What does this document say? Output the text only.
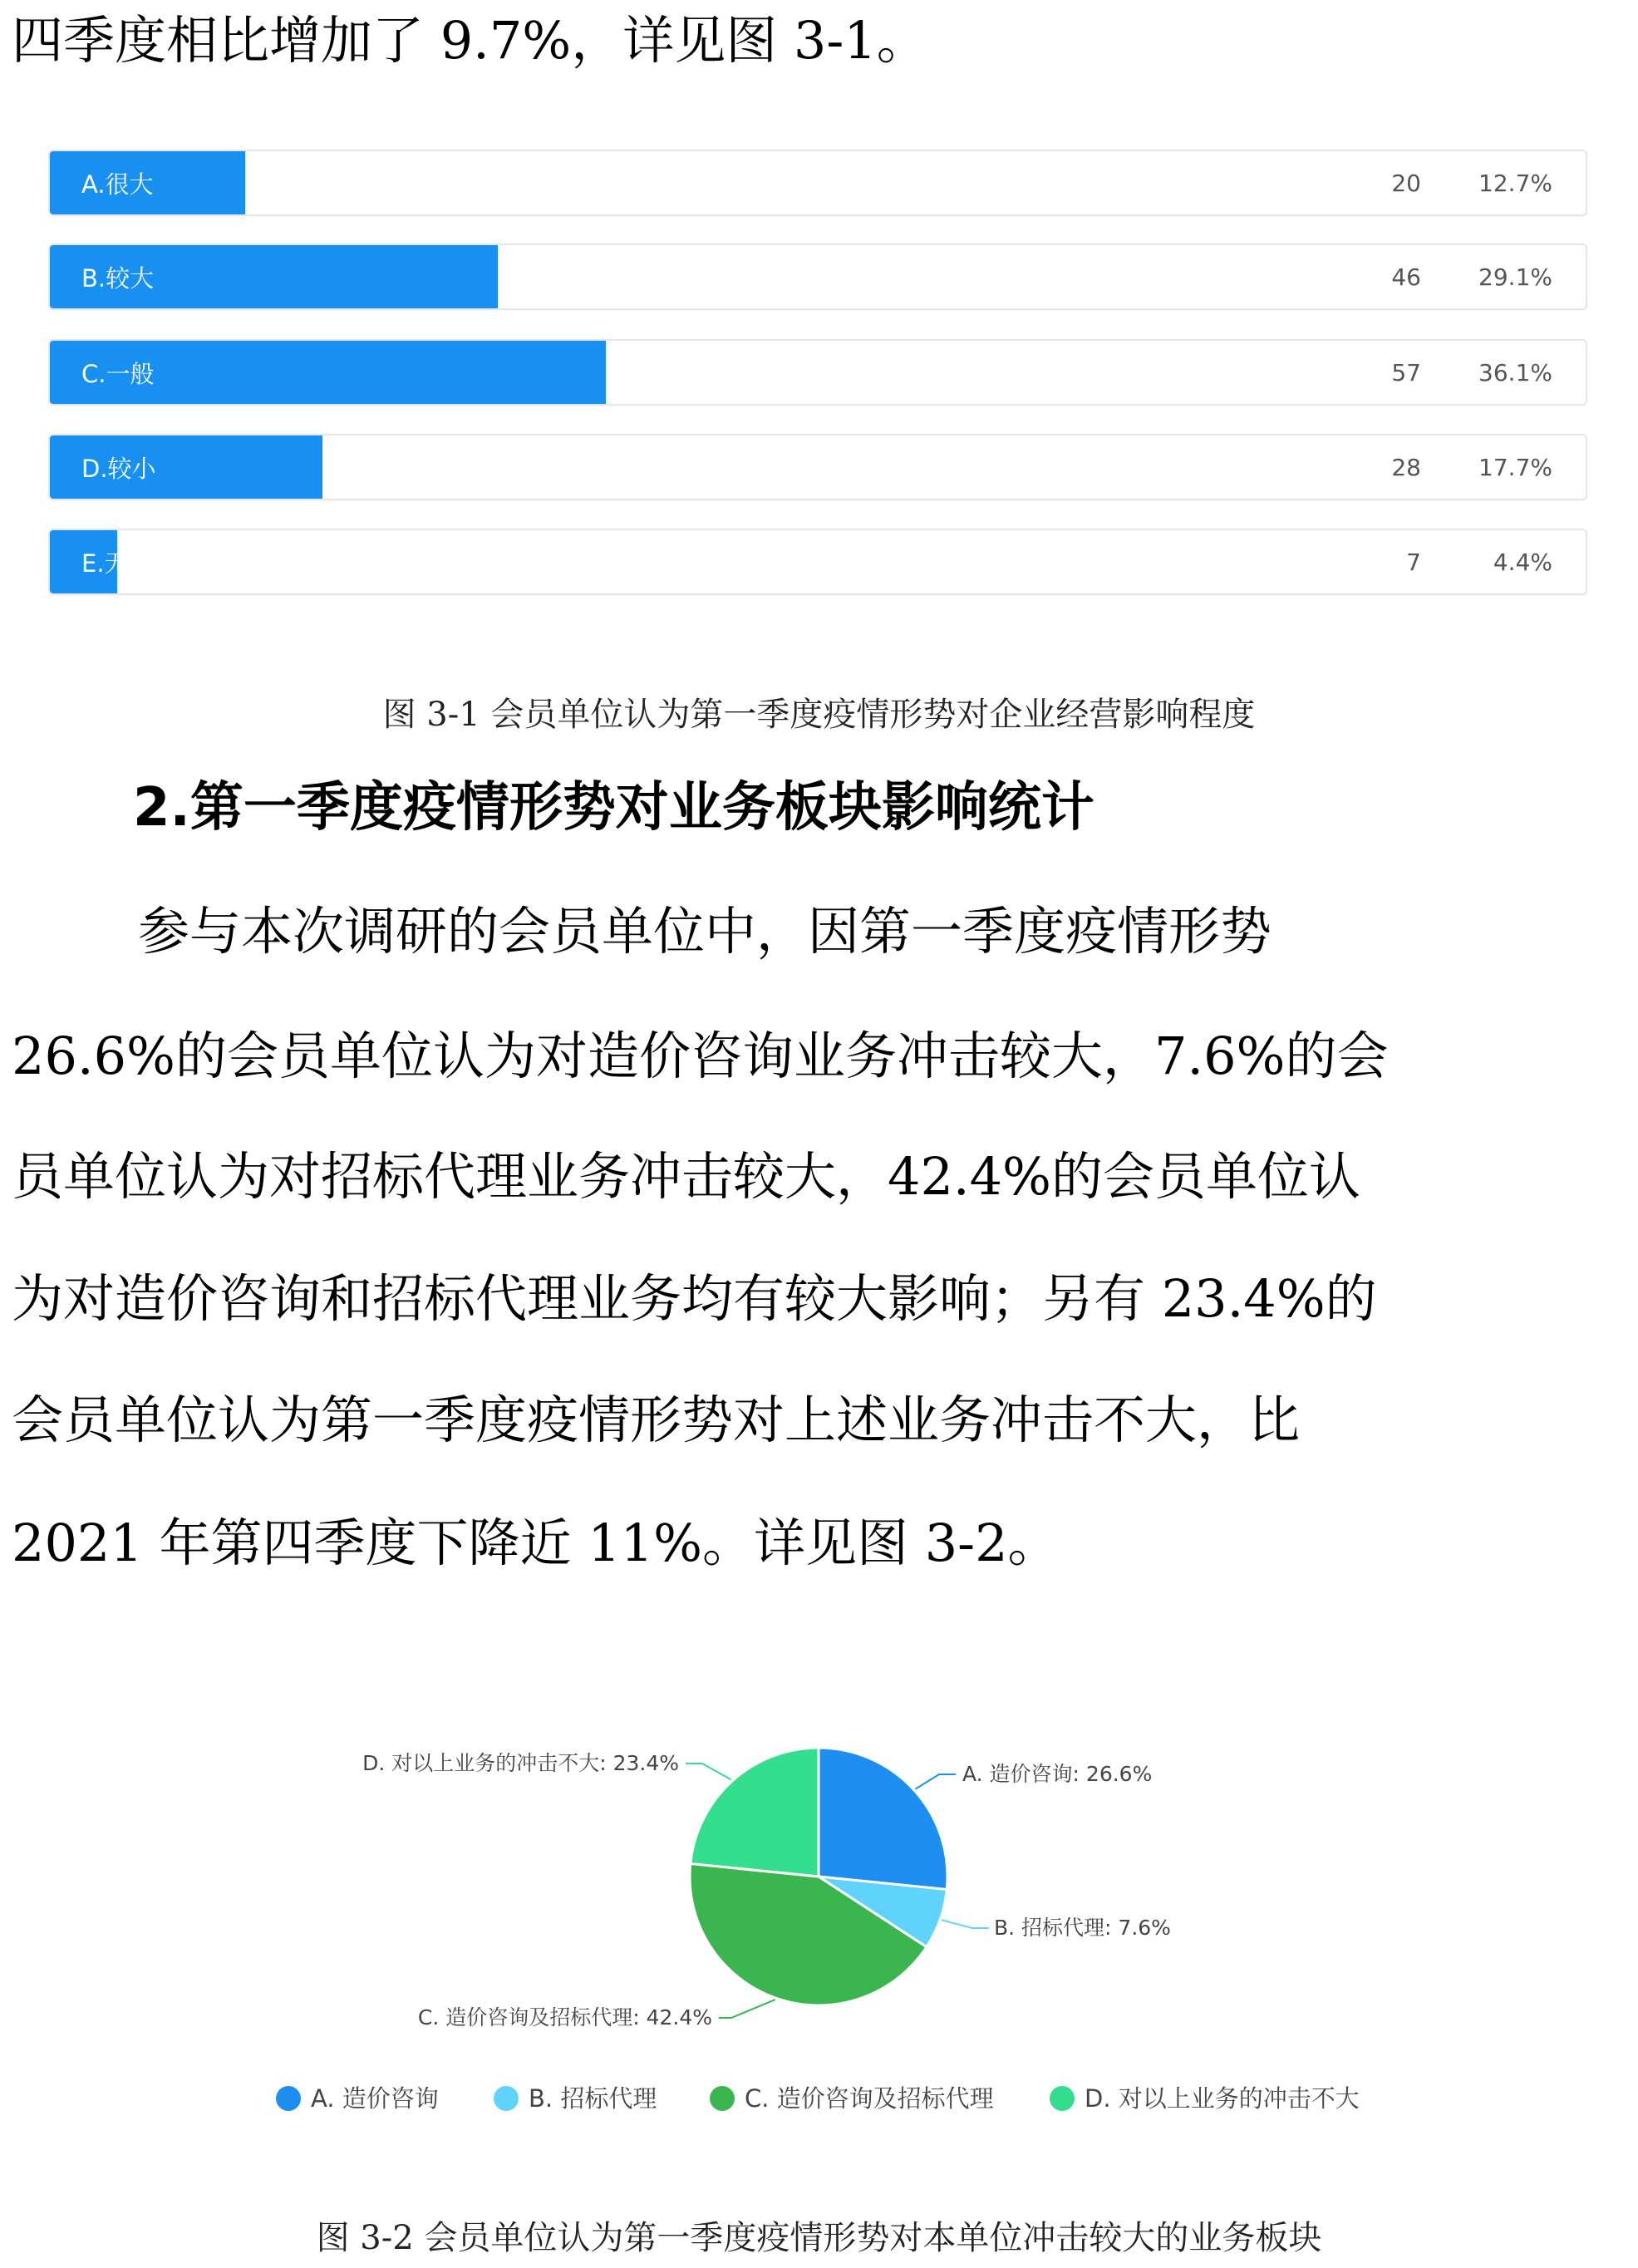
四季度相比增加了 9.7%，详见图 3-1。
A.很大	20	12.7%
B.较大	46	29.1%
C.一般	57	36.1%
D.较小	28	17.7%
E.无影响	7	4.4%
图 3-1 会员单位认为第一季度疫情形势对企业经营影响程度
2.第一季度疫情形势对业务板块影响统计
参与本次调研的会员单位中，因第一季度疫情形势
26.6%的会员单位认为对造价咨询业务冲击较大，7.6%的会
员单位认为对招标代理业务冲击较大，42.4%的会员单位认
为对造价咨询和招标代理业务均有较大影响；另有 23.4%的
会员单位认为第一季度疫情形势对上述业务冲击不大，比
2021 年第四季度下降近 11%。详见图 3-2。
A. 造价咨询: 26.6%
B. 招标代理: 7.6%
C. 造价咨询及招标代理: 42.4%
D. 对以上业务的冲击不大: 23.4%
A. 造价咨询	B. 招标代理	C. 造价咨询及招标代理	D. 对以上业务的冲击不大
图 3-2 会员单位认为第一季度疫情形势对本单位冲击较大的业务板块
